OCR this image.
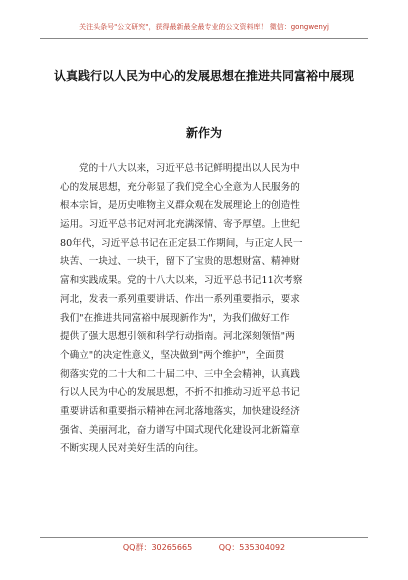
关注头条号"公文研究"，获得最新最全最专业的公文资料库！ 微信：gongwenyj
认真践行以人民为中心的发展思想在推进共同富裕中展现
新作为
党的十八大以来，习近平总书记鲜明提出以人民为中
心的发展思想，充分彰显了我们党全心全意为人民服务的
根本宗旨，是历史唯物主义群众观在发展理论上的创造性
运用。习近平总书记对河北充满深情、寄予厚望。上世纪
80年代，习近平总书记在正定县工作期间，与正定人民一
块苦、一块过、一块干，留下了宝贵的思想财富、精神财
富和实践成果。党的十八大以来，习近平总书记11次考察
河北，发表一系列重要讲话、作出一系列重要指示，要求
我们"在推进共同富裕中展现新作为"，为我们做好工作
提供了强大思想引领和科学行动指南。河北深刻领悟"两
个确立"的决定性意义，坚决做到"两个维护"，全面贯
彻落实党的二十大和二十届二中、三中全会精神，认真践
行以人民为中心的发展思想，不折不扣推动习近平总书记
重要讲话和重要指示精神在河北落地落实，加快建设经济
强省、美丽河北，奋力谱写中国式现代化建设河北新篇章
不断实现人民对美好生活的向往。
QQ群：30265665	QQ：535304092
